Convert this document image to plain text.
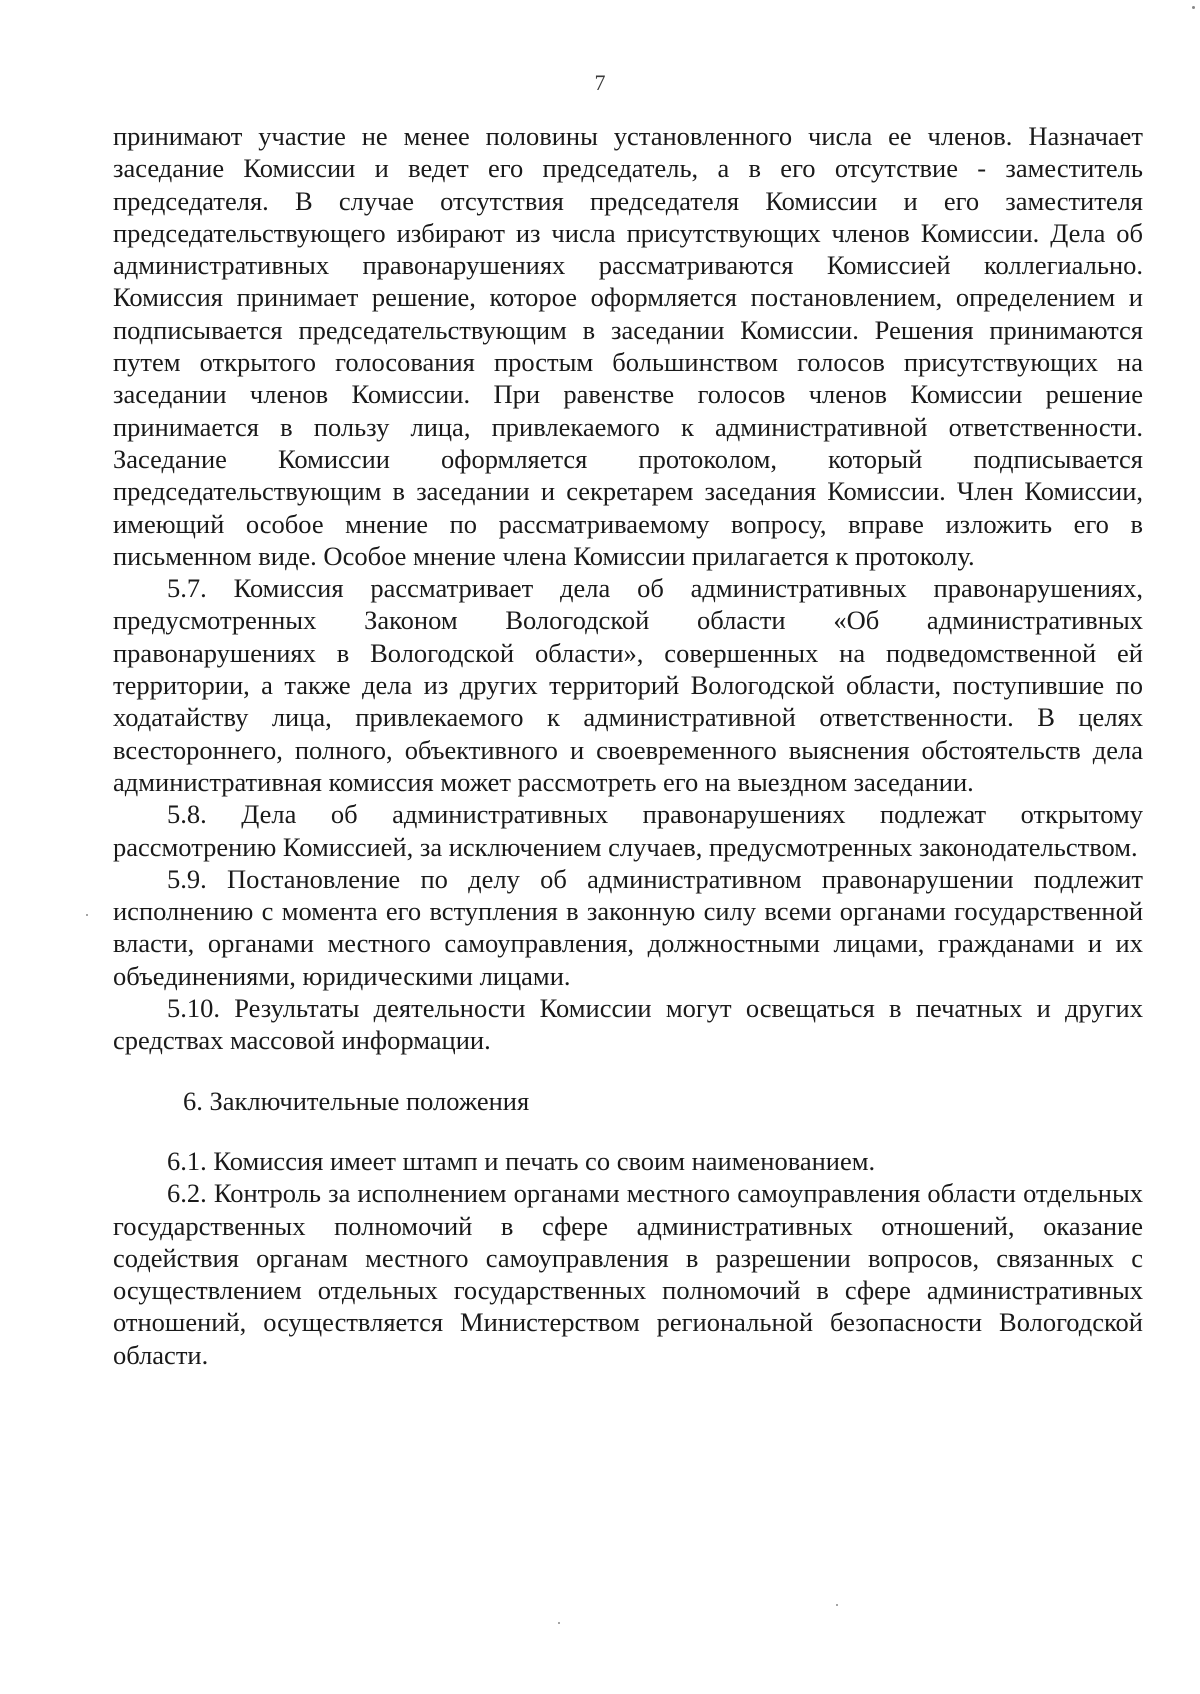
7

принимают участие не менее половины установленного числа ее членов. Назначает заседание Комиссии и ведет его председатель, а в его отсутствие - заместитель председателя. В случае отсутствия председателя Комиссии и его заместителя председательствующего избирают из числа присутствующих членов Комиссии. Дела об административных правонарушениях рассматриваются Комиссией коллегиально. Комиссия принимает решение, которое оформляется постановлением, определением и подписывается председательствующим в заседании Комиссии. Решения принимаются путем открытого голосования простым большинством голосов присутствующих на заседании членов Комиссии. При равенстве голосов членов Комиссии решение принимается в пользу лица, привлекаемого к административной ответственности. Заседание Комиссии оформляется протоколом, который подписывается председательствующим в заседании и секретарем заседания Комиссии. Член Комиссии, имеющий особое мнение по рассматриваемому вопросу, вправе изложить его в письменном виде. Особое мнение члена Комиссии прилагается к протоколу.

5.7. Комиссия рассматривает дела об административных правонарушениях, предусмотренных Законом Вологодской области «Об административных правонарушениях в Вологодской области», совершенных на подведомственной ей территории, а также дела из других территорий Вологодской области, поступившие по ходатайству лица, привлекаемого к административной ответственности. В целях всестороннего, полного, объективного и своевременного выяснения обстоятельств дела административная комиссия может рассмотреть его на выездном заседании.

5.8. Дела об административных правонарушениях подлежат открытому рассмотрению Комиссией, за исключением случаев, предусмотренных законодательством.

5.9. Постановление по делу об административном правонарушении подлежит исполнению с момента его вступления в законную силу всеми органами государственной власти, органами местного самоуправления, должностными лицами, гражданами и их объединениями, юридическими лицами.

5.10. Результаты деятельности Комиссии могут освещаться в печатных и других средствах массовой информации.

6. Заключительные положения

6.1. Комиссия имеет штамп и печать со своим наименованием.

6.2. Контроль за исполнением органами местного самоуправления области отдельных государственных полномочий в сфере административных отношений, оказание содействия органам местного самоуправления в разрешении вопросов, связанных с осуществлением отдельных государственных полномочий в сфере административных отношений, осуществляется Министерством региональной безопасности Вологодской области.
